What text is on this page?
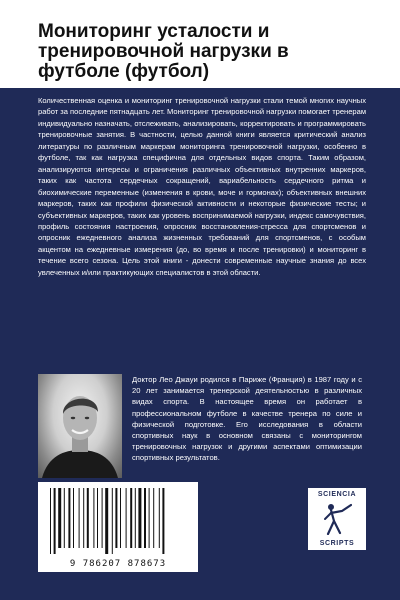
Мониторинг усталости и тренировочной нагрузки в футболе (футбол)

Количественная оценка и мониторинг тренировочной нагрузки стали темой многих научных работ за последние пятнадцать лет. Мониторинг тренировочной нагрузки помогает тренерам индивидуально назначать, отслеживать, анализировать, корректировать и программировать тренировочные занятия. В частности, целью данной книги является критический анализ литературы по различным маркерам мониторинга тренировочной нагрузки, особенно в футболе, так как нагрузка специфична для отдельных видов спорта. Таким образом, анализируются интересы и ограничения различных объективных внутренних маркеров, таких как частота сердечных сокращений, вариабельность сердечного ритма и биохимические переменные (изменения в крови, моче и гормонах); объективных внешних маркеров, таких как профили физической активности и некоторые физические тесты; и субъективных маркеров, таких как уровень воспринимаемой нагрузки, индекс самочувствия, профиль состояния настроения, опросник восстановления-стресса для спортсменов и опросник ежедневного анализа жизненных требований для спортсменов, с особым акцентом на ежедневные измерения (до, во время и после тренировки) и мониторинг в течение всего сезона. Цель этой книги - донести современные научные знания до всех увлеченных и/или практикующих специалистов в этой области.

Доктор Лео Джауи родился в Париже (Франция) в 1987 году и с 20 лет занимается тренерской деятельностью в различных видах спорта. В настоящее время он работает в профессиональном футболе в качестве тренера по силе и физической подготовке. Его исследования в области спортивных наук в основном связаны с мониторингом тренировочных нагрузок и другими аспектами оптимизации спортивных результатов.

9 786207 878673
SCIENCIA
SCRIPTS
